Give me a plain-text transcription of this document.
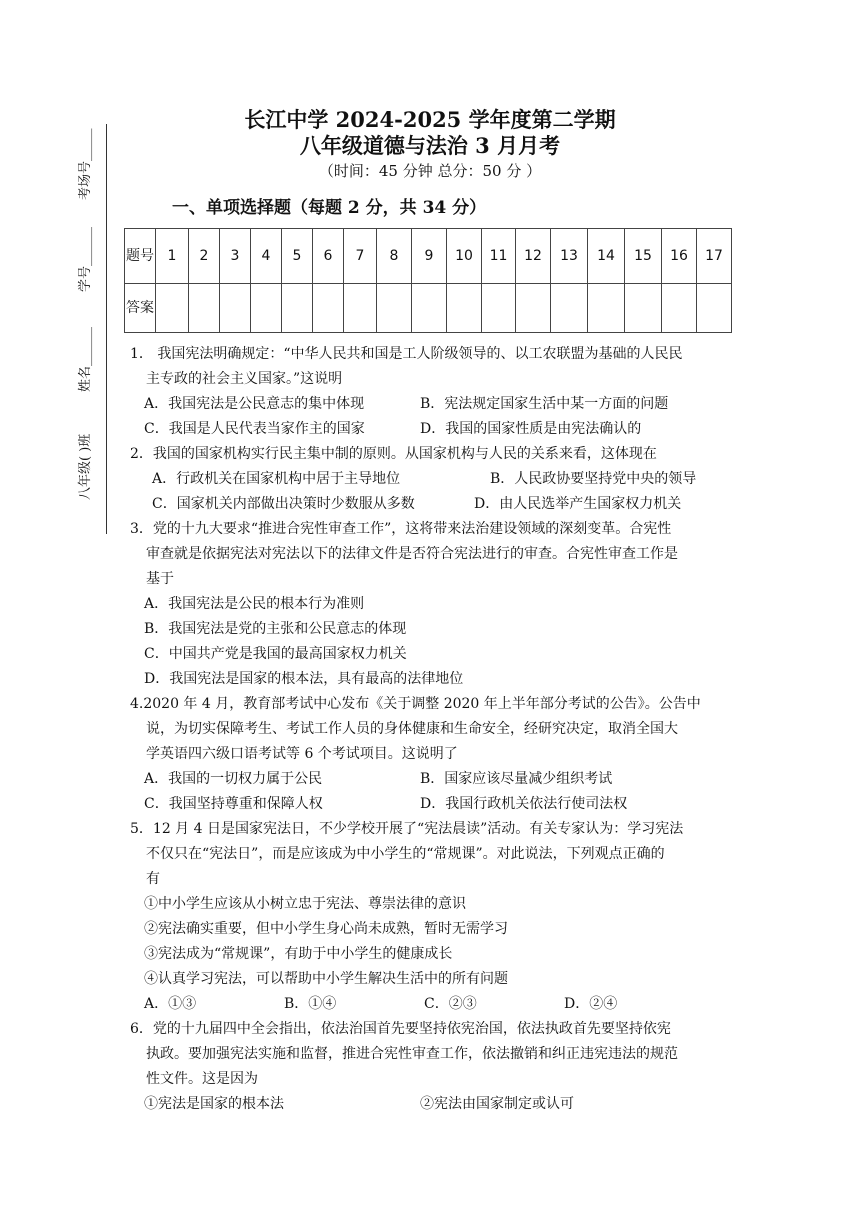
考场号_____
学号______
姓名______
八年级( )班
长江中学 2024-2025 学年度第二学期
八年级道德与法治 3 月月考
（时间：45 分钟 总分：50 分 ）
一、单项选择题（每题 2 分，共 34 分）
题号	1	2	3	4	5	6	7	8	9	10	11	12	13	14	15	16	17
答案																	

1． 我国宪法明确规定：“中华人民共和国是工人阶级领导的、以工农联盟为基础的人民民

主专政的社会主义国家。”这说明

A．我国宪法是公民意志的集中体现	B．宪法规定国家生活中某一方面的问题
C．我国是人民代表当家作主的国家	D．我国的国家性质是由宪法确认的

2．我国的国家机构实行民主集中制的原则。从国家机构与人民的关系来看，这体现在

A．行政机关在国家机构中居于主导地位	B．人民政协要坚持党中央的领导
C．国家机关内部做出决策时少数服从多数	D．由人民选举产生国家权力机关

3．党的十九大要求“推进合宪性审查工作”，这将带来法治建设领域的深刻变革。合宪性

审查就是依据宪法对宪法以下的法律文件是否符合宪法进行的审查。合宪性审查工作是

基于

A．我国宪法是公民的根本行为准则

B．我国宪法是党的主张和公民意志的体现

C．中国共产党是我国的最高国家权力机关

D．我国宪法是国家的根本法，具有最高的法律地位

4.2020 年 4 月，教育部考试中心发布《关于调整 2020 年上半年部分考试的公告》。公告中

说，为切实保障考生、考试工作人员的身体健康和生命安全，经研究决定，取消全国大

学英语四六级口语考试等 6 个考试项目。这说明了

A．我国的一切权力属于公民	B．国家应该尽量减少组织考试
C．我国坚持尊重和保障人权	D．我国行政机关依法行使司法权

5．12 月 4 日是国家宪法日，不少学校开展了“宪法晨读”活动。有关专家认为：学习宪法

不仅只在“宪法日”，而是应该成为中小学生的“常规课”。对此说法，下列观点正确的

有

①中小学生应该从小树立忠于宪法、尊崇法律的意识

②宪法确实重要，但中小学生身心尚未成熟，暂时无需学习

③宪法成为“常规课”，有助于中小学生的健康成长

④认真学习宪法，可以帮助中小学生解决生活中的所有问题

A．①③	B．①④	C．②③	D．②④

6．党的十九届四中全会指出，依法治国首先要坚持依宪治国，依法执政首先要坚持依宪

执政。要加强宪法实施和监督，推进合宪性审查工作，依法撤销和纠正违宪违法的规范

性文件。这是因为

①宪法是国家的根本法	②宪法由国家制定或认可
